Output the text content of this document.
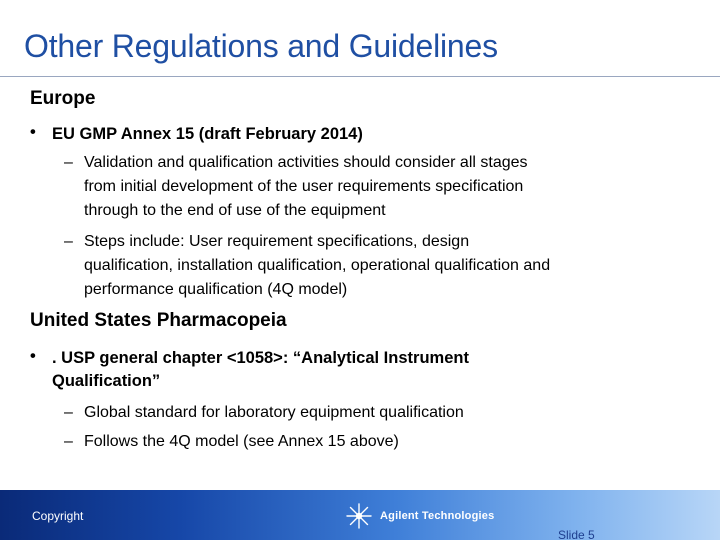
Other Regulations and Guidelines
Europe
• EU GMP Annex 15 (draft February 2014)
– Validation and qualification activities should consider all stages
from initial development of the user requirements specification
through to the end of use of the equipment
– Steps include: User requirement specifications, design
qualification, installation qualification, operational qualification and
performance qualification (4Q model)
United States Pharmacopeia
• . USP general chapter <1058>: “Analytical Instrument
Qualification”
– Global standard for laboratory equipment qualification
– Follows the 4Q model (see Annex 15 above)
Copyright	Agilent Technologies
Slide 5
